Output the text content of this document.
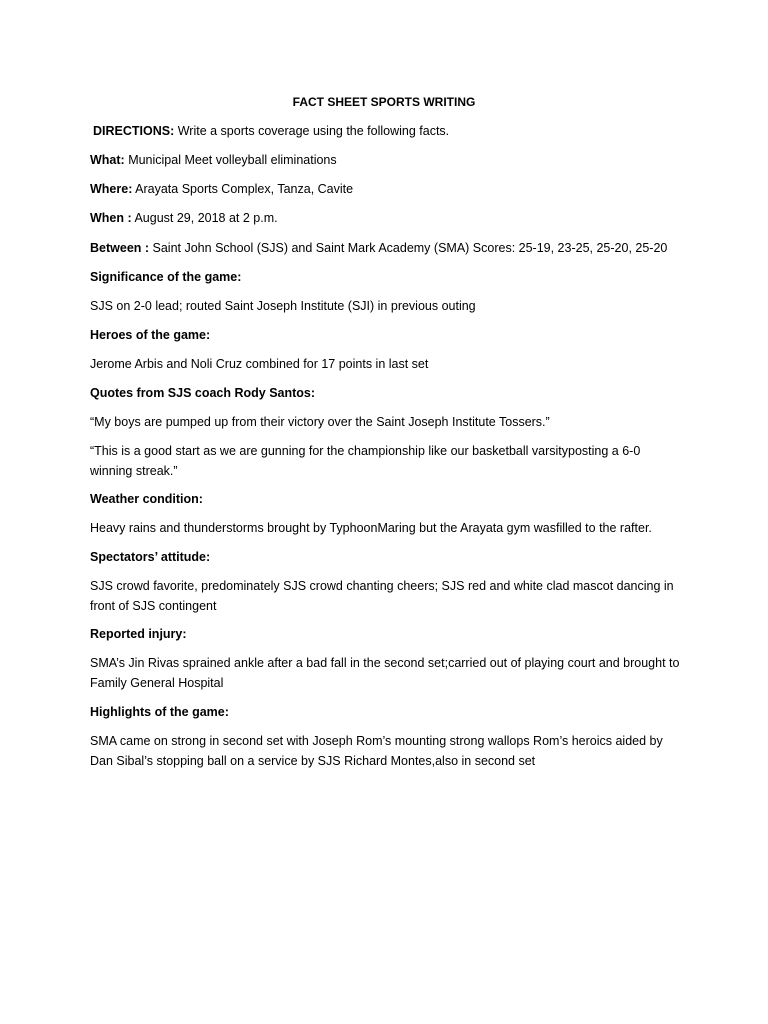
FACT SHEET SPORTS WRITING
DIRECTIONS: Write a sports coverage using the following facts.
What: Municipal Meet volleyball eliminations
Where: Arayata Sports Complex, Tanza, Cavite
When : August 29, 2018 at 2 p.m.
Between : Saint John School (SJS) and Saint Mark Academy (SMA) Scores: 25-19, 23-25, 25-20, 25-20
Significance of the game:
SJS on 2-0 lead; routed Saint Joseph Institute (SJI) in previous outing
Heroes of the game:
Jerome Arbis and Noli Cruz combined for 17 points in last set
Quotes from SJS coach Rody Santos:
“My boys are pumped up from their victory over the Saint Joseph Institute Tossers.”
“This is a good start as we are gunning for the championship like our basketball varsityposting a 6-0 winning streak.”
Weather condition:
Heavy rains and thunderstorms brought by TyphoonMaring but the Arayata gym wasfilled to the rafter.
Spectators’ attitude:
SJS crowd favorite, predominately SJS crowd chanting cheers; SJS red and white clad mascot dancing in front of SJS contingent
Reported injury:
SMA’s Jin Rivas sprained ankle after a bad fall in the second set;carried out of playing court and brought to Family General Hospital
Highlights of the game:
SMA came on strong in second set with Joseph Rom’s mounting strong wallops Rom’s heroics aided by Dan Sibal’s stopping ball on a service by SJS Richard Montes,also in second set
